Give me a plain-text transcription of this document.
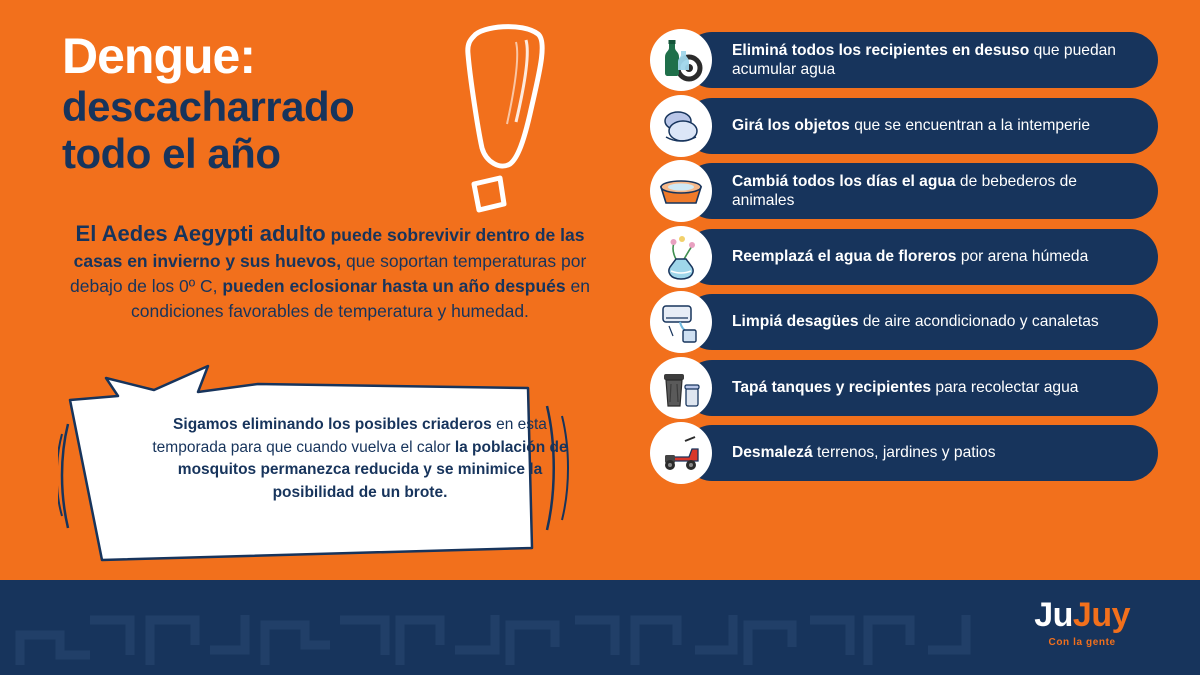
Dengue:
descacharrado
todo el año
El Aedes Aegypti adulto puede sobrevivir dentro de las casas en invierno y sus huevos, que soportan temperaturas por debajo de los 0º C, pueden eclosionar hasta un año después en condiciones favorables de temperatura y humedad.
Sigamos eliminando los posibles criaderos en esta temporada para que cuando vuelva el calor la población de mosquitos permanezca reducida y se minimice la posibilidad de un brote.
Eliminá todos los recipientes en desuso que puedan acumular agua
Girá los objetos que se encuentran a la intemperie
Cambiá todos los días el agua de bebederos de animales
Reemplazá el agua de floreros por arena húmeda
Limpiá desagües de aire acondicionado y canaletas
Tapá tanques y recipientes para recolectar agua
Desmalezá terrenos, jardines y patios
JuJuy
Con la gente
